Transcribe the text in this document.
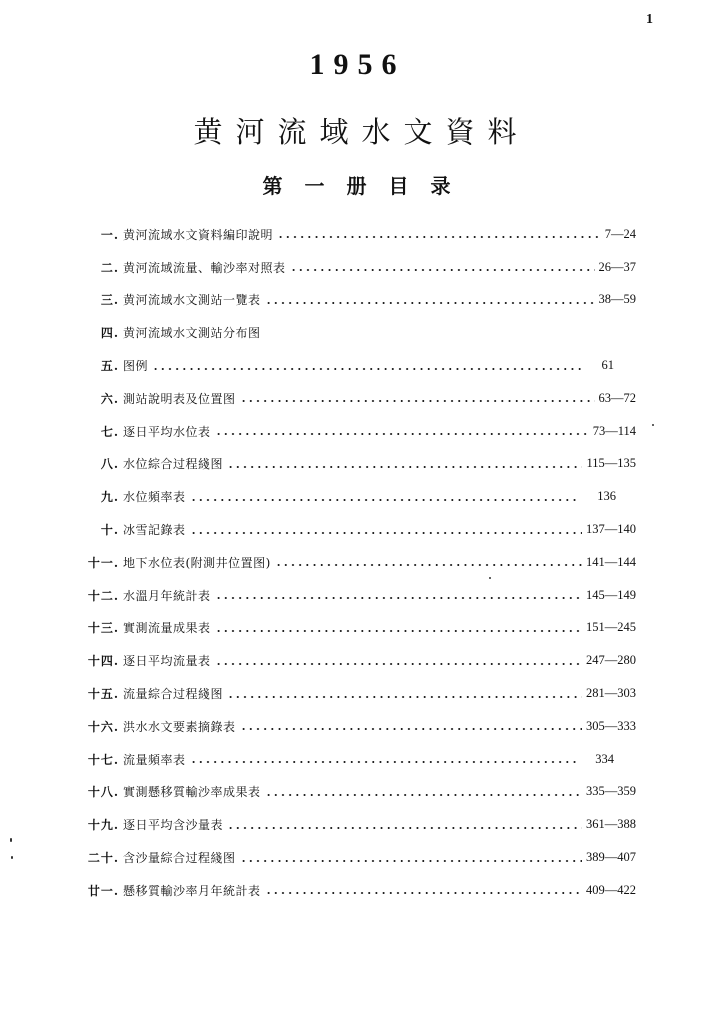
1
1956
黄河流域水文資料
第一册目录
一. 黄河流域水文資料編印說明	7—24
二. 黄河流域流量、輸沙率对照表	26—37
三. 黄河流域水文測站一覽表	38—59
四. 黄河流域水文測站分布图
五. 图例	61
六. 測站說明表及位置图	63—72
七. 逐日平均水位表	73—114
八. 水位綜合过程綫图	115—135
九. 水位頻率表	136
十. 冰雪記錄表	137—140
十一. 地下水位表(附測井位置图)	141—144
十二. 水溫月年統計表	145—149
十三. 實測流量成果表	151—245
十四. 逐日平均流量表	247—280
十五. 流量綜合过程綫图	281—303
十六. 洪水水文要素摘錄表	305—333
十七. 流量頻率表	334
十八. 實測懸移質輸沙率成果表	335—359
十九. 逐日平均含沙量表	361—388
二十. 含沙量綜合过程綫图	389—407
廿一. 懸移質輸沙率月年統計表	409—422
